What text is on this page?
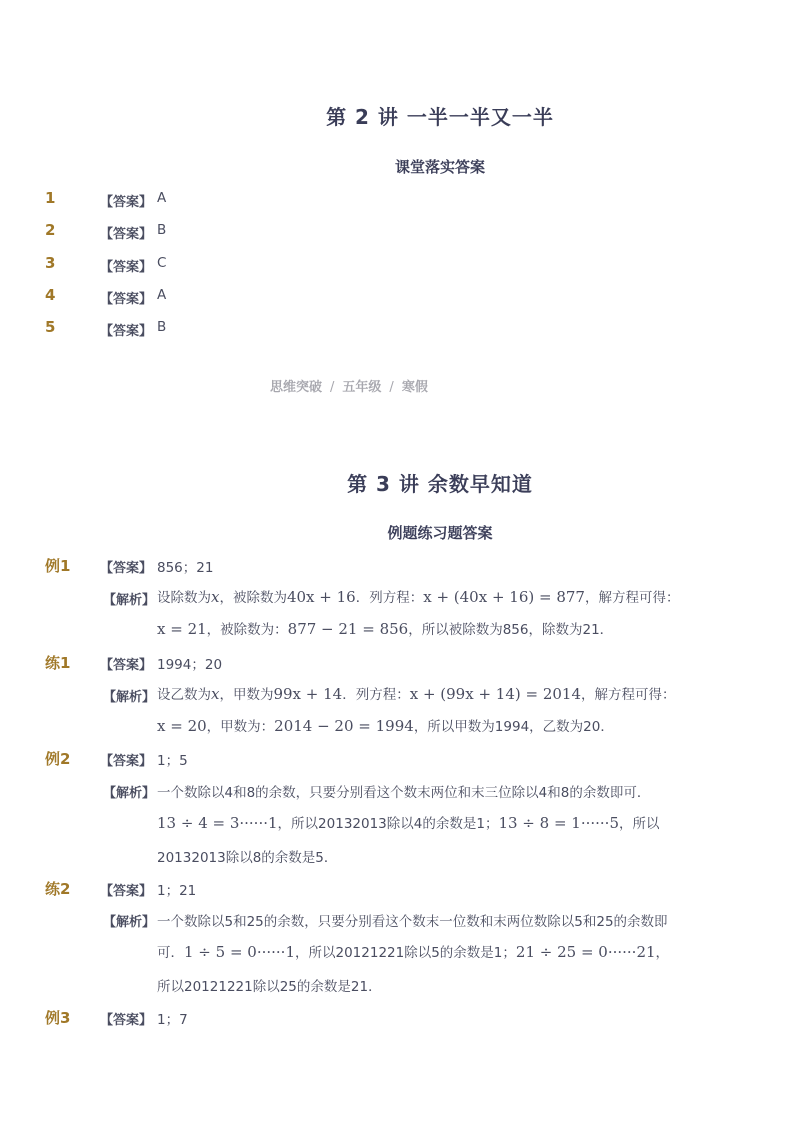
第 2 讲 一半一半又一半
课堂落实答案
1	【答案】 A
2	【答案】 B
3	【答案】 C
4	【答案】 A
5	【答案】 B
思维突破 / 五年级 / 寒假
第 3 讲 余数早知道
例题练习题答案
例1 【答案】 856；21
【解析】 设除数为x，被除数为40x + 16．列方程：x + (40x + 16) = 877，解方程可得：
x = 21，被除数为：877 − 21 = 856，所以被除数为856，除数为21．
练1 【答案】 1994；20
【解析】 设乙数为x，甲数为99x + 14．列方程：x + (99x + 14) = 2014，解方程可得：
x = 20，甲数为：2014 − 20 = 1994，所以甲数为1994，乙数为20．
例2 【答案】 1；5
【解析】 一个数除以4和8的余数，只要分别看这个数末两位和末三位除以4和8的余数即可．
13 ÷ 4 = 3······1，所以20132013除以4的余数是1；13 ÷ 8 = 1······5，所以
20132013除以8的余数是5．
练2 【答案】 1；21
【解析】 一个数除以5和25的余数，只要分别看这个数末一位数和末两位数除以5和25的余数即
可．1 ÷ 5 = 0······1，所以20121221除以5的余数是1；21 ÷ 25 = 0······21，
所以20121221除以25的余数是21．
例3 【答案】 1；7
